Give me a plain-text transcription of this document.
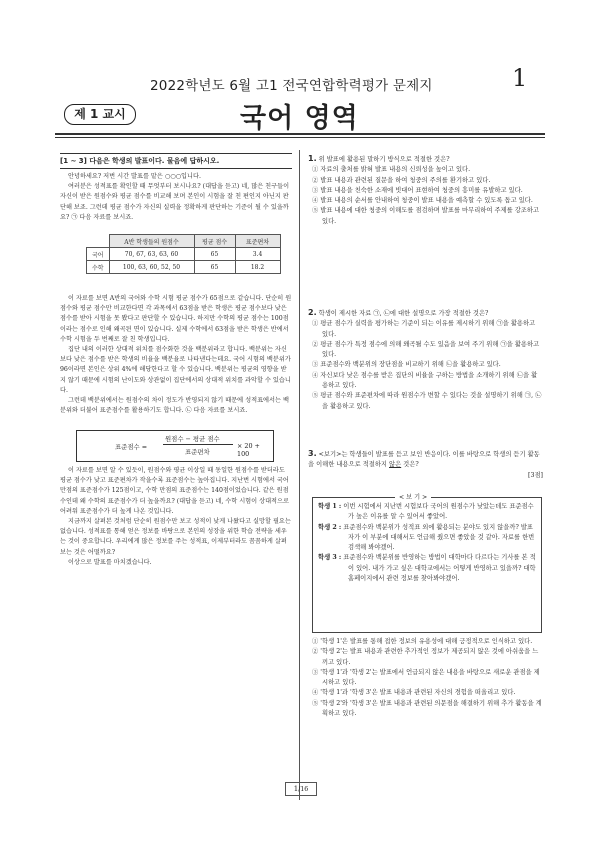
2022학년도 6월 고1 전국연합학력평가 문제지	1
제 1 교시	국어 영역
[1 ~ 3] 다음은 학생의 발표이다. 물음에 답하시오.

안녕하세요? 저번 시간 발표를 맡은 ○○○입니다.

여러분은 성적표를 확인할 때 무엇부터 보시나요? (대답을 듣고) 네, 많은 친구들이 자신이 받은 원점수와 평균 점수를 비교해 보며 본인이 시험을 잘 친 편인지 아닌지 판단해 보죠. 그런데 평균 점수가 자신의 실력을 정확하게 판단하는 기준이 될 수 있을까요? ㉠ 다음 자료를 보시죠.

	A반 학생들의 원점수	평균 점수	표준편차
국어	70, 67, 63, 63, 60	65	3.4
수학	100, 63, 60, 52, 50	65	18.2

이 자료를 보면 A반의 국어와 수학 시험 평균 점수가 65점으로 같습니다. 단순히 원점수와 평균 점수만 비교한다면 각 과목에서 63점을 받은 학생은 평균 점수보다 낮은 점수를 받아 시험을 못 봤다고 판단할 수 있습니다. 하지만 수학의 평균 점수는 100점이라는 점수로 인해 왜곡된 면이 있습니다. 실제 수학에서 63점을 받은 학생은 반에서 수학 시험을 두 번째로 잘 친 학생입니다.

집단 내의 이러한 상대적 위치를 점수화한 것을 백분위라고 합니다. 백분위는 자신보다 낮은 점수를 받은 학생의 비율을 백분율로 나타낸다는데요. 국어 시험의 백분위가 96이라면 본인은 상위 4%에 해당한다고 할 수 있습니다. 백분위는 평균의 영향을 받지 않기 때문에 시험의 난이도와 상관없이 집단에서의 상대적 위치를 과악할 수 있습니다.

그런데 백분위에서는 원점수의 차이 정도가 반영되지 않기 때문에 성적표에서는 백분위와 더불어 표준점수를 활용하기도 합니다. ㉡ 다음 자료를 보시죠.

표준점수 =
원점수 − 평균 점수
표준편차
× 20 + 100

이 자료를 보면 알 수 있듯이, 원점수와 평균 이상일 때 동일한 원점수를 받더라도 평균 점수가 낮고 표준편차가 작을수록 표준점수는 높아집니다. 지난번 시험에서 국어 만점의 표준점수가 125점이고, 수학 만점의 표준점수는 140점이었습니다. 같은 원점수인데 왜 수학의 표준점수가 더 높을까요? (대답을 듣고) 네, 수학 시험이 상대적으로 어려워 표준점수가 더 높게 나온 것입니다.

지금까지 살펴본 것처럼 단순히 원점수만 보고 성적이 낮게 나왔다고 실망할 필요는 없습니다. 성적표를 통해 얻은 정보를 바탕으로 본인의 성장을 위한 학습 전략을 세우는 것이 중요합니다. 우리에게 많은 정보를 주는 성적표, 이제부터라도 꼼꼼하게 살펴보는 것은 어떨까요?

이상으로 발표를 마치겠습니다.

1. 위 발표에 활용된 말하기 방식으로 적절한 것은?

① 자료의 출처를 밝혀 발표 내용의 신뢰성을 높이고 있다.

② 발표 내용과 관련된 질문을 하여 청중의 주의를 환기하고 있다.

③ 발표 내용을 친숙한 소재에 빗대어 표현하여 청중의 흥미를 유발하고 있다.

④ 발표 내용의 순서를 안내하여 청중이 발표 내용을 예측할 수 있도록 돕고 있다.

⑤ 발표 내용에 대한 청중의 이해도를 점검하며 발표를 마무리하여 주제를 강조하고 있다.

2. 학생이 제시한 자료 ㉠, ㉡에 대한 설명으로 가장 적절한 것은?

① 평균 점수가 실력을 평가하는 기준이 되는 이유를 제시하기 위해 ㉠을 활용하고 있다.

② 평균 점수가 특정 점수에 의해 왜곡될 수도 있음을 보여 주기 위해 ㉠을 활용하고 있다.

③ 표준점수와 백분위의 장단점을 비교하기 위해 ㉡을 활용하고 있다.

④ 자신보다 낮은 점수를 받은 집단의 비율을 구하는 방법을 소개하기 위해 ㉡을 활용하고 있다.

⑤ 평균 점수와 표준편차에 따라 원점수가 변할 수 있다는 것을 설명하기 위해 ㉠, ㉡을 활용하고 있다.

3. <보기>는 학생들이 발표를 듣고 보인 반응이다. 이를 바탕으로 학생의 듣기 활동을 이해한 내용으로 적절하지 않은 것은?
[3점]
< 보 기 >

학생 1 : 이번 시험에서 지난번 시험보다 국어의 원점수가 낮았는데도 표준점수가 높은 이유를 알 수 있어서 좋았어.

학생 2 : 표준점수와 백분위가 성적표 외에 활용되는 분야도 있지 않을까? 발표자가 이 부분에 대해서도 언급해 줬으면 좋았을 것 같아. 자료를 한번 검색해 봐야겠어.

학생 3 : 표준점수와 백분위를 반영하는 방법이 대학마다 다르다는 기사를 본 적이 있어. 내가 가고 싶은 대학교에서는 어떻게 반영하고 있을까? 대학 홈페이지에서 관련 정보를 찾아봐야겠어.

① '학생 1'은 발표를 통해 접한 정보의 유용성에 대해 긍정적으로 인식하고 있다.

② '학생 2'는 발표 내용과 관련한 추가적인 정보가 제공되지 않은 것에 아쉬움을 느끼고 있다.

③ '학생 1'과 '학생 2'는 발표에서 언급되지 않은 내용을 바탕으로 새로운 관점을 제시하고 있다.

④ '학생 1'과 '학생 3'은 발표 내용과 관련된 자신의 경험을 떠올리고 있다.

⑤ '학생 2'와 '학생 3'은 발표 내용과 관련된 의문점을 해결하기 위해 추가 활동을 계획하고 있다.

1/16
